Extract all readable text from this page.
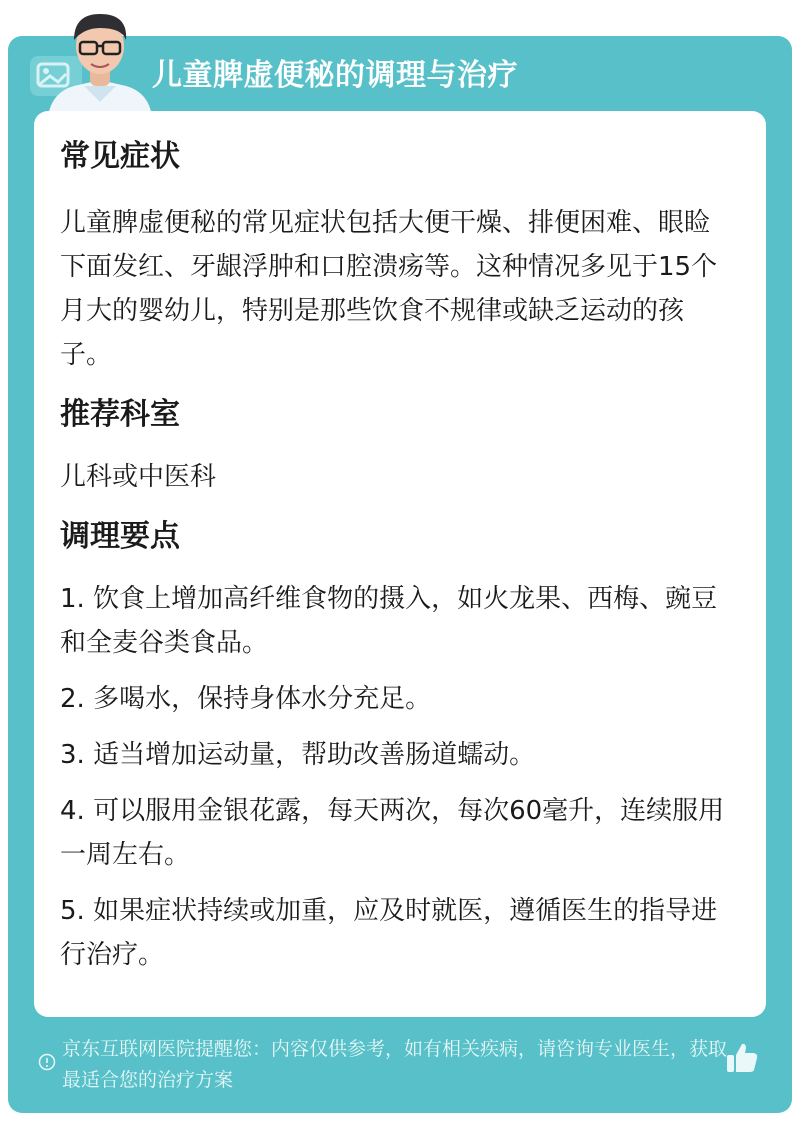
儿童脾虚便秘的调理与治疗

常见症状

儿童脾虚便秘的常见症状包括大便干燥、排便困难、眼睑下面发红、牙龈浮肿和口腔溃疡等。这种情况多见于15个月大的婴幼儿，特别是那些饮食不规律或缺乏运动的孩子。

推荐科室

儿科或中医科

调理要点

1. 饮食上增加高纤维食物的摄入，如火龙果、西梅、豌豆和全麦谷类食品。

2. 多喝水，保持身体水分充足。

3. 适当增加运动量，帮助改善肠道蠕动。

4. 可以服用金银花露，每天两次，每次60毫升，连续服用一周左右。

5. 如果症状持续或加重，应及时就医，遵循医生的指导进行治疗。

京东互联网医院提醒您：内容仅供参考，如有相关疾病，请咨询专业医生，获取最适合您的治疗方案
